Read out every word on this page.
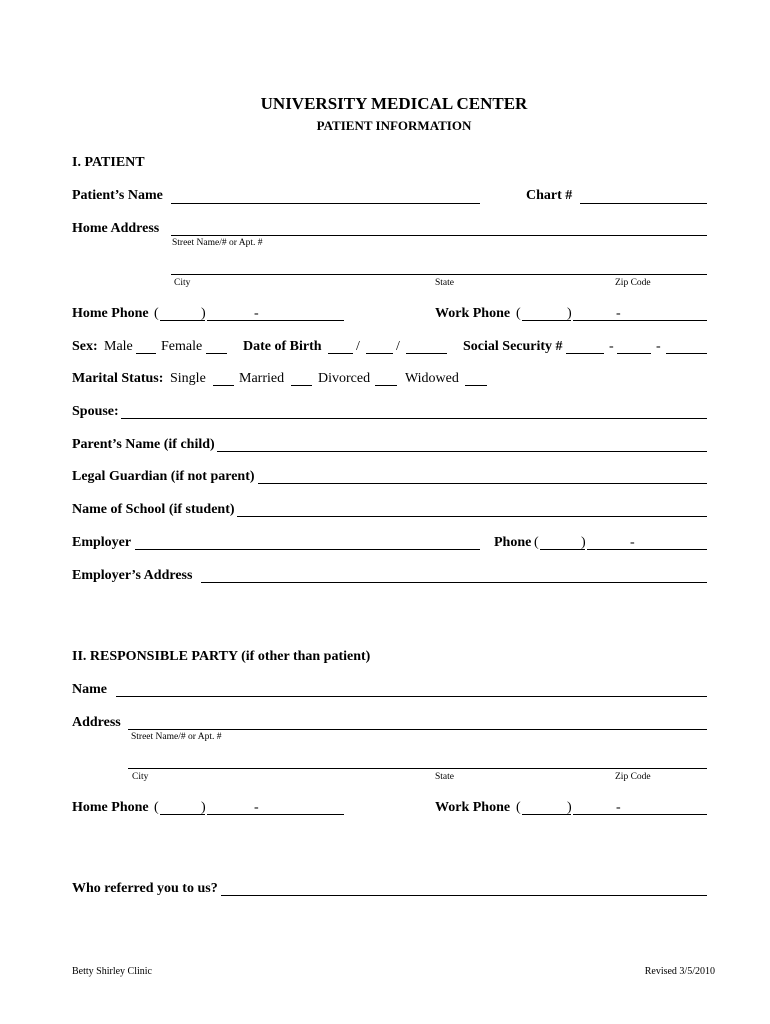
UNIVERSITY MEDICAL CENTER
PATIENT INFORMATION
I. PATIENT
Patient’s Name	Chart #
Home Address
Street Name/# or Apt. #
City	State	Zip Code
Home Phone (	)	-	Work Phone (	)	-
Sex: Male Female	Date of Birth /	/	Social Security #	-	-
Marital Status: Single Married Divorced Widowed
Spouse:
Parent’s Name (if child)
Legal Guardian (if not parent)
Name of School (if student)
Employer	Phone (	)	-
Employer’s Address
II. RESPONSIBLE PARTY (if other than patient)
Name
Address
Street Name/# or Apt. #
City	State	Zip Code
Home Phone (	)	-	Work Phone (	)	-
Who referred you to us?
Betty Shirley Clinic	Revised 3/5/2010
